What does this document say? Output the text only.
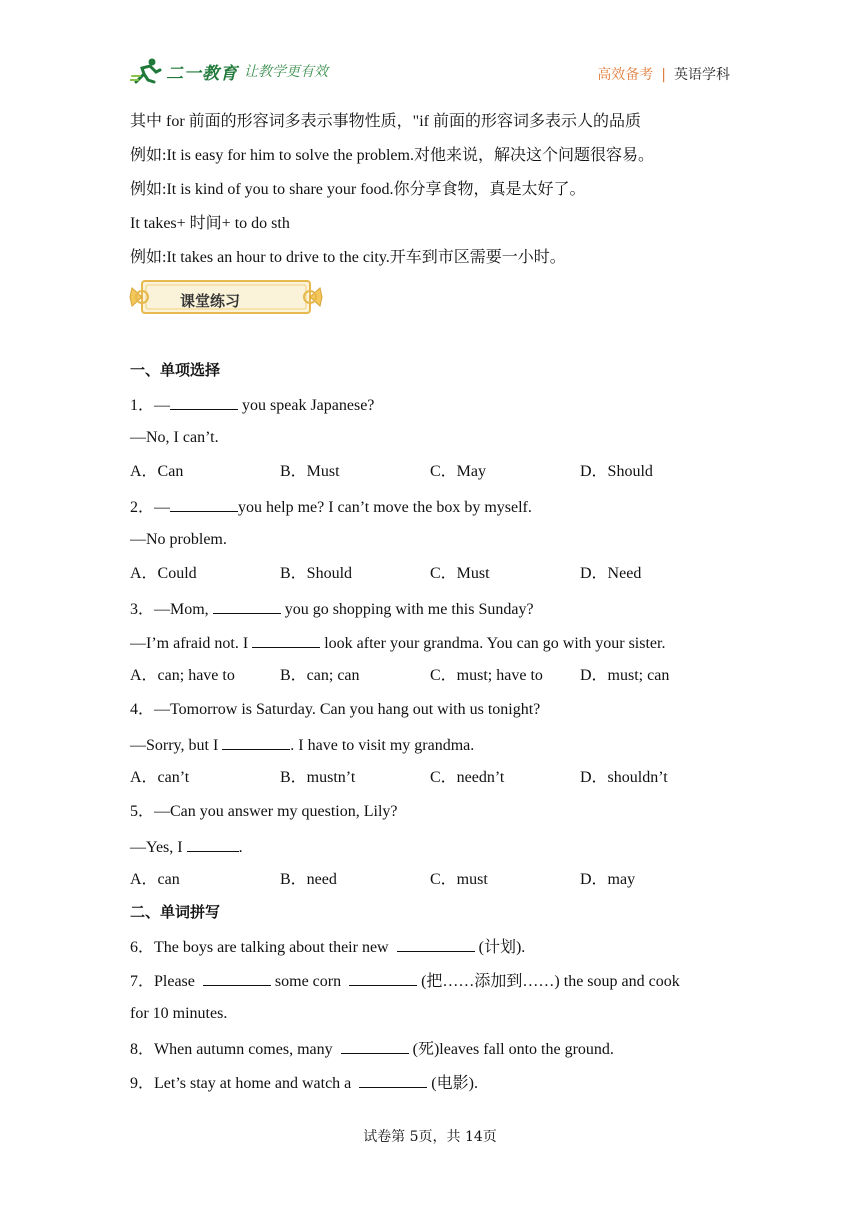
二一教育 让教学更有效	高效备考 | 英语学科
其中 for 前面的形容词多表示事物性质，"if 前面的形容词多表示人的品质
例如:It is easy for him to solve the problem.对他来说，解决这个问题很容易。
例如:It is kind of you to share your food.你分享食物，真是太好了。
It takes+ 时间+ to do sth
例如:It takes an hour to drive to the city.开车到市区需要一小时。
课堂练习
一、单项选择
1．—	you speak Japanese?
—No, I can’t.
A．Can	B．Must	C．May	D．Should
2．—	you help me? I can’t move the box by myself.
—No problem.
A．Could	B．Should	C．Must	D．Need
3．—Mom,	you go shopping with me this Sunday?
—I’m afraid not. I	look after your grandma. You can go with your sister.
A．can; have to	B．can; can	C．must; have to D．must; can
4．—Tomorrow is Saturday. Can you hang out with us tonight?
—Sorry, but I	. I have to visit my grandma.
A．can’t	B．mustn’t	C．needn’t	D．shouldn’t
5．—Can you answer my question, Lily?
—Yes, I	.
A．can	B．need	C．must	D．may
二、单词拼写
6．The boys are talking about their new	(计划).
7．Please	some corn	(把……添加到……) the soup and cook
for 10 minutes.
8．When autumn comes, many	(死)leaves fall onto the ground.
9．Let’s stay at home and watch a	(电影).
试卷第 5页，共 14页
